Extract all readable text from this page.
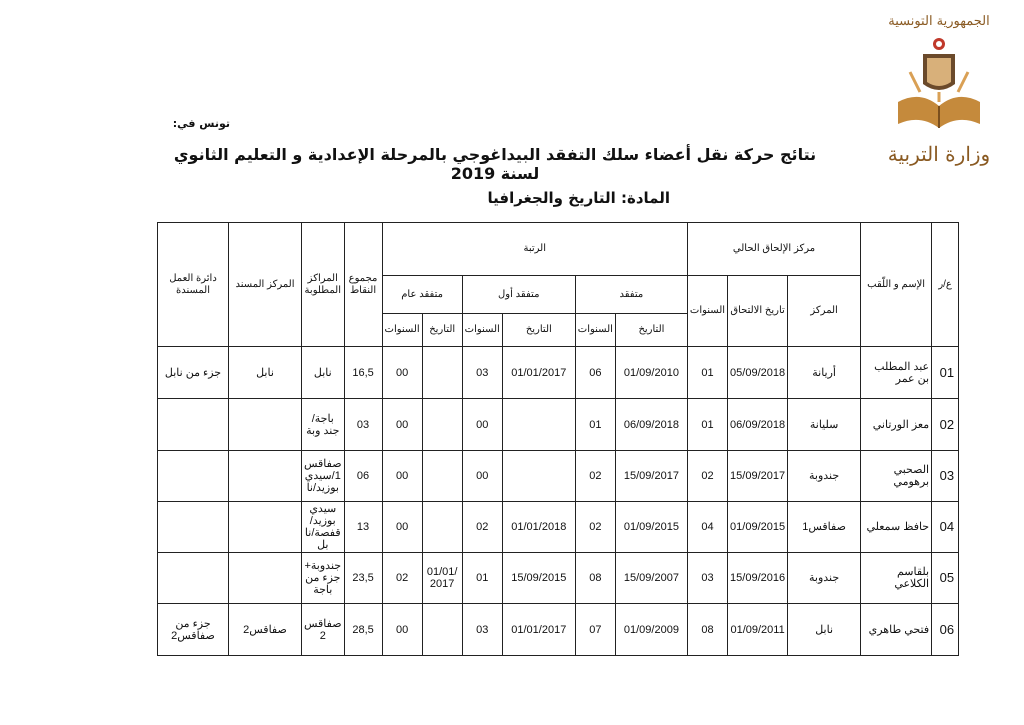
الجمهورية التونسية
وزارة التربية
تونس في:
نتائج حركة نقل أعضاء سلك التفقد البيداغوجي بالمرحلة الإعدادية و التعليم الثانوي لسنة 2019
المادة: التاريخ والجغرافيا
ع/ر	الإسم و اللّقب	مركز الإلحاق الحالي			الرتبة						مجموع النقاط	المراكز المطلوبة	المركز المسند	دائرة العمل المسندة
		المركز	تاريخ الالتحاق	السنوات	متفقد		متفقد أول		متفقد عام					
					التاريخ	السنوات	التاريخ	السنوات	التاريخ	السنوات				
01	عبد المطلب بن عمر	أريانة	05/09/2018	01	01/09/2010	06	01/01/2017	03		00	16,5	نابل	نابل	جزء من نابل
02	معز الورتاني	سليانة	06/09/2018	01	06/09/2018	01		00		00	03	باجة/جند وبة		
03	الصحبي برهومي	جندوبة	15/09/2017	02	15/09/2017	02		00		00	06	صفاقس 1/سيدي بوزيد/نا		
04	حافظ سمعلي	صفاقس1	01/09/2015	04	01/09/2015	02	01/01/2018	02		00	13	سيدي بوزيد/ قفصة/نا بل		
05	بلقاسم الكلاعي	جندوبة	15/09/2016	03	15/09/2007	08	15/09/2015	01	/01/01 2017	02	23,5	جندوبة+ جزء من باجة		
06	فتحي طاهري	نابل	01/09/2011	08	01/09/2009	07	01/01/2017	03		00	28,5	صفاقس 2	صفاقس2	جزء من صفاقس2
